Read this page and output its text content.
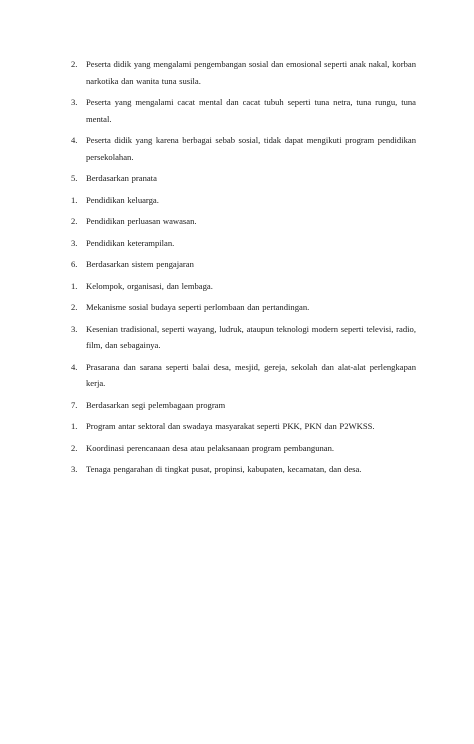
2. Peserta didik yang mengalami pengembangan sosial dan emosional seperti anak nakal, korban narkotika dan wanita tuna susila.
3. Peserta yang mengalami cacat mental dan cacat tubuh seperti tuna netra, tuna rungu, tuna mental.
4. Peserta didik yang karena berbagai sebab sosial, tidak dapat mengikuti program pendidikan persekolahan.
5. Berdasarkan pranata
1. Pendidikan keluarga.
2. Pendidikan perluasan wawasan.
3. Pendidikan keterampilan.
6. Berdasarkan sistem pengajaran
1. Kelompok, organisasi, dan lembaga.
2. Mekanisme sosial budaya seperti perlombaan dan pertandingan.
3. Kesenian tradisional, seperti wayang, ludruk, ataupun teknologi modern seperti televisi, radio, film, dan sebagainya.
4. Prasarana dan sarana seperti balai desa, mesjid, gereja, sekolah dan alat-alat perlengkapan kerja.
7. Berdasarkan segi pelembagaan program
1. Program antar sektoral dan swadaya masyarakat seperti PKK, PKN dan P2WKSS.
2. Koordinasi perencanaan desa atau pelaksanaan program pembangunan.
3. Tenaga pengarahan di tingkat pusat, propinsi, kabupaten, kecamatan, dan desa.
